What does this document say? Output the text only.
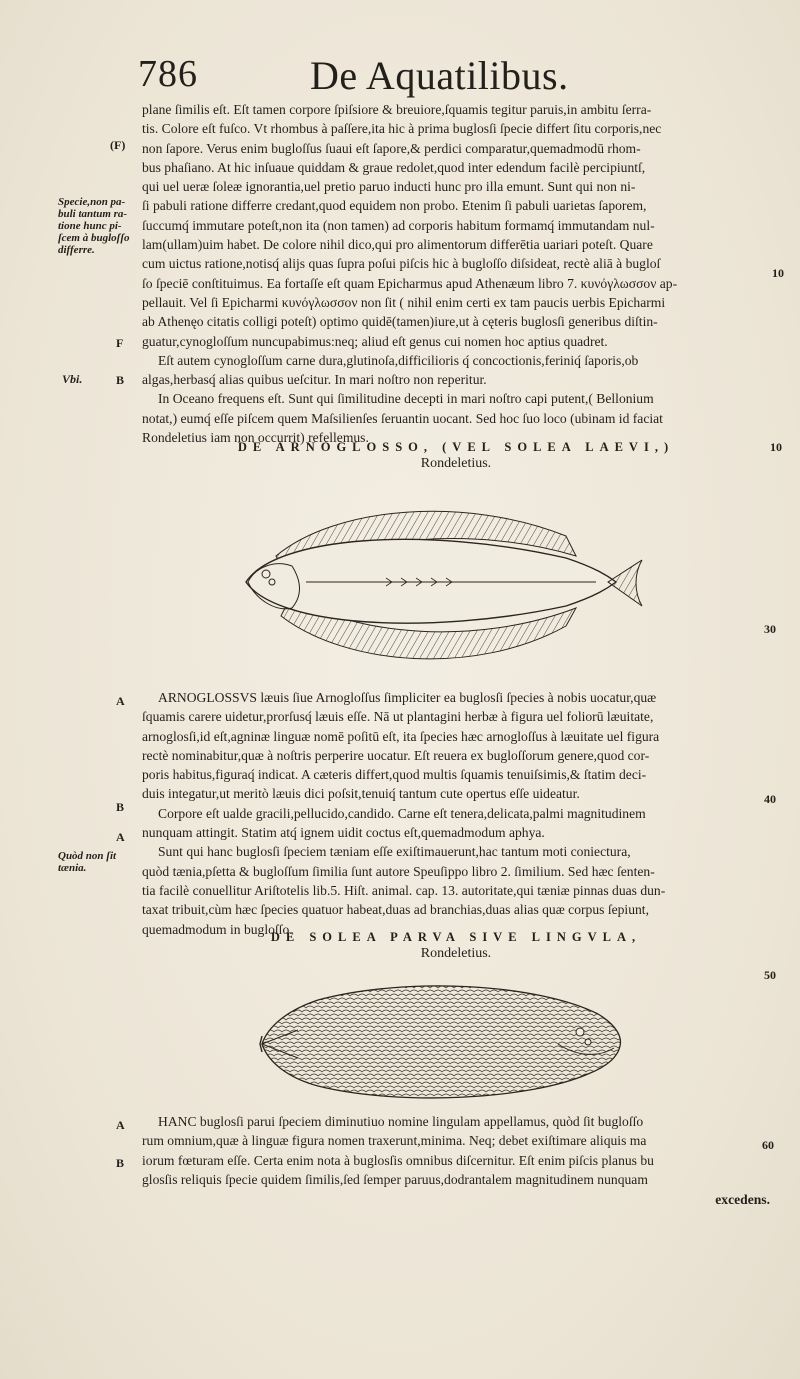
786	De Aquatilibus.
plane ſimilis eſt. Eſt tamen corpore ſpiſsiore & breuiore,ſquamis tegitur paruis,in ambitu ſerra-
tis. Colore eſt fuſco. Vt rhombus à paſſere,ita hic à prima buglosſi ſpecie differt ſitu corporis,nec
non ſapore. Verus enim bugloſſus ſuaui eſt ſapore,& perdici comparatur,quemadmodū rhom-
bus phaſiano. At hic inſuaue quiddam & graue redolet,quod inter edendum facilè percipiuntſ,
qui uel ueræ ſoleæ ignorantia,uel pretio paruo inducti hunc pro illa emunt. Sunt qui non ni-
ſi pabuli ratione differre credant,quod equidem non probo. Etenim ſi pabuli uarietas ſaporem,
ſuccumq́ immutare poteſt,non ita (non tamen) ad corporis habitum formamq́ immutandam nul-
lam(ullam)uim habet. De colore nihil dico,qui pro alimentorum differētia uariari poteſt. Quare
cum uictus ratione,notisq́ alijs quas ſupra poſui piſcis hic à bugloſſo diſsideat, rectè aliā à bugloſ
ſo ſpeciē conſtituimus. Ea fortaſſe eſt quam Epicharmus apud Athenæum libro 7. κυνόγλωσσον ap-
pellauit. Vel ſi Epicharmi κυνόγλωσσον non ſit ( nihil enim certi ex tam paucis uerbis Epicharmi
ab Athenęo citatis colligi poteſt) optimo quidē(tamen)iure,ut à cęteris buglosſi generibus diſtin-
guatur,cynogloſſum nuncupabimus:neq; aliud eſt genus cui nomen hoc aptius quadret.
Eſt autem cynogloſſum carne dura,glutinoſa,difficilioris q́ concoctionis,feriniq́ ſaporis,ob
algas,herbasq́ alias quibus ueſcitur. In mari noſtro non reperitur.
In Oceano frequens eſt. Sunt qui ſimilitudine decepti in mari noſtro capi putent,( Bellonium
notat,) eumq́ eſſe piſcem quem Maſsilienſes ſeruantin uocant. Sed hoc ſuo loco (ubinam id faciat
Rondeletius iam non occurrit) refellemus.
(F)
Specie,non pa-
buli tantum ra-
tione hunc pi-
ſcem à bugloſſo
differre.
F
Vbi.	B
10
DE ARNOGLOSSO, (VEL SOLEA LAEVI,)
Rondeletius.
10
30
ARNOGLOSSVS læuis ſiue Arnogloſſus ſimpliciter ea buglosſi ſpecies à nobis uocatur,quæ
ſquamis carere uidetur,prorſusq́ læuis eſſe. Nā ut plantagini herbæ à figura uel foliorū læuitate,
arnoglosſi,id eſt,agninæ linguæ nomē poſitū eſt, ita ſpecies hæc arnogloſſus à læuitate uel figura
rectè nominabitur,quæ à noſtris perperire uocatur. Eſt reuera ex bugloſſorum genere,quod cor-
poris habitus,figuraq́ indicat. A cæteris differt,quod multis ſquamis tenuiſsimis,& ſtatim deci-
duis integatur,ut meritò læuis dici poſsit,tenuiq́ tantum cute opertus eſſe uideatur.
Corpore eſt ualde gracili,pellucido,candido. Carne eſt tenera,delicata,palmi magnitudinem
nunquam attingit. Statim atq́ ignem uidit coctus eſt,quemadmodum aphya.
Sunt qui hanc buglosſi ſpeciem tæniam eſſe exiſtimauerunt,hac tantum moti coniectura,
quòd tænia,pſetta & bugloſſum ſimilia ſunt autore Speuſippo libro 2. ſimilium. Sed hæc ſenten-
tia facilè conuellitur Ariſtotelis lib.5. Hiſt. animal. cap. 13. autoritate,qui tæniæ pinnas duas dun-
taxat tribuit,cùm hæc ſpecies quatuor habeat,duas ad branchias,duas alias quæ corpus ſepiunt,
quemadmodum in bugloſſo.
A
B
A
Quòd non ſit
tænia.
40
DE SOLEA PARVA SIVE LINGVLA,
Rondeletius.
50
HANC buglosſi parui ſpeciem diminutiuo nomine lingulam appellamus, quòd ſit bugloſſo
rum omnium,quæ à linguæ figura nomen traxerunt,minima. Neq; debet exiſtimare aliquis ma
iorum fœturam eſſe. Certa enim nota à buglosſis omnibus diſcernitur. Eſt enim piſcis planus bu
glosſis reliquis ſpecie quidem ſimilis,ſed ſemper paruus,dodrantalem magnitudinem nunquam
excedens.
A
B
60
